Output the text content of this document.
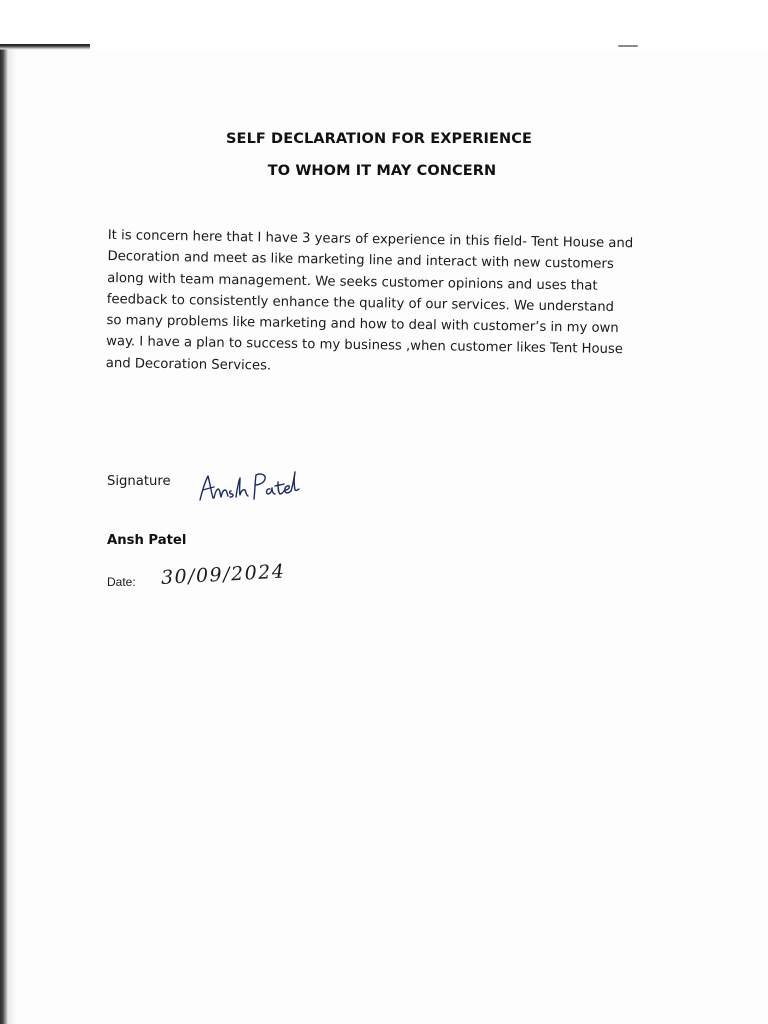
SELF DECLARATION FOR EXPERIENCE
TO WHOM IT MAY CONCERN
It is concern here that I have 3 years of experience in this field- Tent House and
Decoration and meet as like marketing line and interact with new customers
along with team management. We seeks customer opinions and uses that
feedback to consistently enhance the quality of our services. We understand
so many problems like marketing and how to deal with customer’s in my own
way. I have a plan to success to my business ,when customer likes Tent House
and Decoration Services.
Signature
Ansh Patel
Date: 30/09/2024
